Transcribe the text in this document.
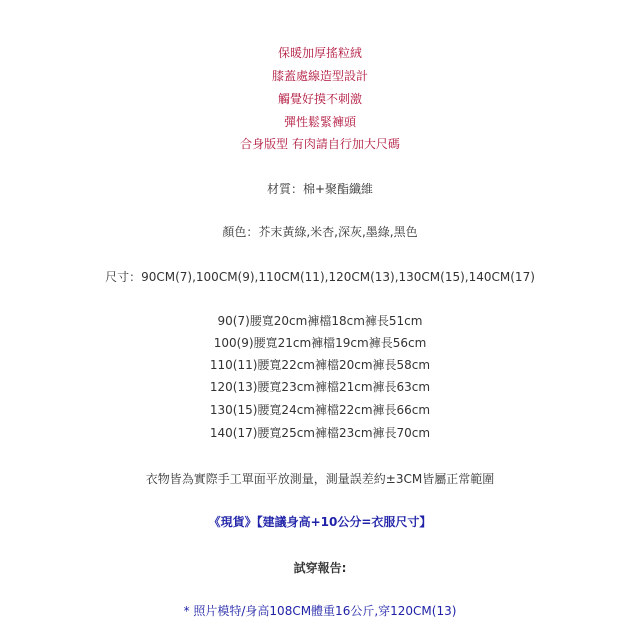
保暖加厚搖粒絨
膝蓋處線造型設計
觸覺好摸不刺激
彈性鬆緊褲頭
合身版型 有肉請自行加大尺碼
材質：棉+聚酯纖維
顏色：芥末黃綠,米杏,深灰,墨綠,黑色
尺寸：90CM(7),100CM(9),110CM(11),120CM(13),130CM(15),140CM(17)
90(7)腰寬20cm褲檔18cm褲長51cm
100(9)腰寬21cm褲檔19cm褲長56cm
110(11)腰寬22cm褲檔20cm褲長58cm
120(13)腰寬23cm褲檔21cm褲長63cm
130(15)腰寬24cm褲檔22cm褲長66cm
140(17)腰寬25cm褲檔23cm褲長70cm
衣物皆為實際手工單面平放測量，測量誤差約±3CM皆屬正常範圍
《現貨》【建議身高+10公分=衣服尺寸】
試穿報告:
* 照片模特/身高108CM體重16公斤,穿120CM(13)
